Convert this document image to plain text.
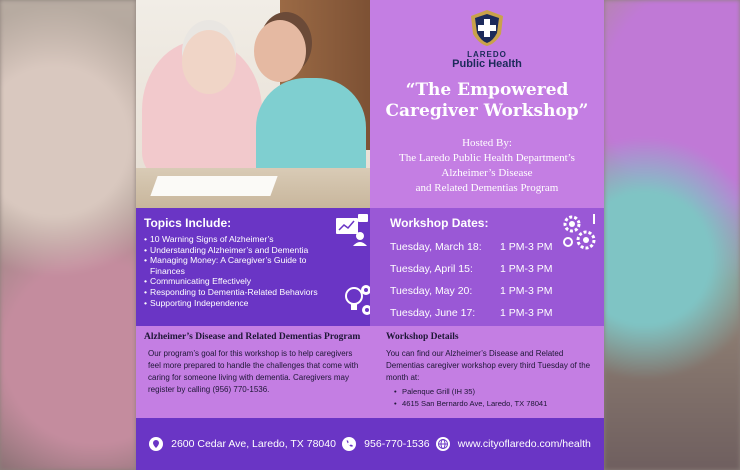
LAREDO
Public Health
“The Empowered Caregiver Workshop”
Hosted By:
The Laredo Public Health Department’s
Alzheimer’s Disease
and Related Dementias Program
Topics Include:
• 10 Warning Signs of Alzheimer’s
• Understanding Alzheimer’s and Dementia
• Managing Money: A Caregiver’s Guide to Finances
• Communicating Effectively
• Responding to Dementia-Related Behaviors
• Supporting Independence
Workshop Dates:
Tuesday, March 18:	1 PM-3 PM
Tuesday, April 15:	1 PM-3 PM
Tuesday, May 20:	1 PM-3 PM
Tuesday, June 17:	1 PM-3 PM
Alzheimer’s Disease and Related Dementias Program

Our program’s goal for this workshop is to help caregivers feel more prepared to handle the challenges that come with caring for someone living with dementia. Caregivers may register by calling (956) 770-1536.

Workshop Details

You can find our Alzheimer’s Disease and Related Dementias caregiver workshop every third Tuesday of the month at:

• Palenque Grill (IH 35)
• 4615 San Bernardo Ave, Laredo, TX 78041
2600 Cedar Ave, Laredo, TX 78040	956-770-1536	www.cityoflaredo.com/health
